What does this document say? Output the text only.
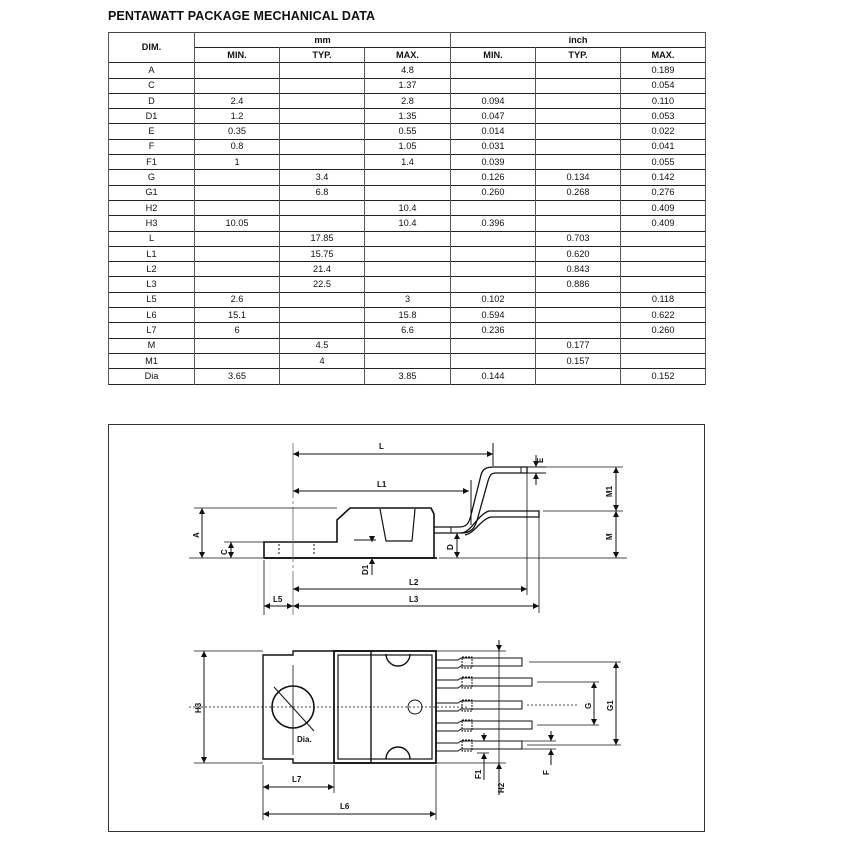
PENTAWATT PACKAGE MECHANICAL DATA
DIM.	mm			inch		
	MIN.	TYP.	MAX.	MIN.	TYP.	MAX.
A			4.8			0.189
C			1.37			0.054
D	2.4		2.8	0.094		0.110
D1	1.2		1.35	0.047		0.053
E	0.35		0.55	0.014		0.022
F	0.8		1.05	0.031		0.041
F1	1		1.4	0.039		0.055
G		3.4		0.126	0.134	0.142
G1		6.8		0.260	0.268	0.276
H2			10.4			0.409
H3	10.05		10.4	0.396		0.409
L		17.85			0.703	
L1		15.75			0.620	
L2		21.4			0.843	
L3		22.5			0.886	
L5	2.6		3	0.102		0.118
L6	15.1		15.8	0.594		0.622
L7	6		6.6	0.236		0.260
M		4.5			0.177	
M1		4			0.157	
Dia	3.65		3.85	0.144		0.152
L
L1
E
M1
M
A
C
D1
D
L2
L3
L5
Dia.
H3
H2
F1	F
G G1
L7
L6
